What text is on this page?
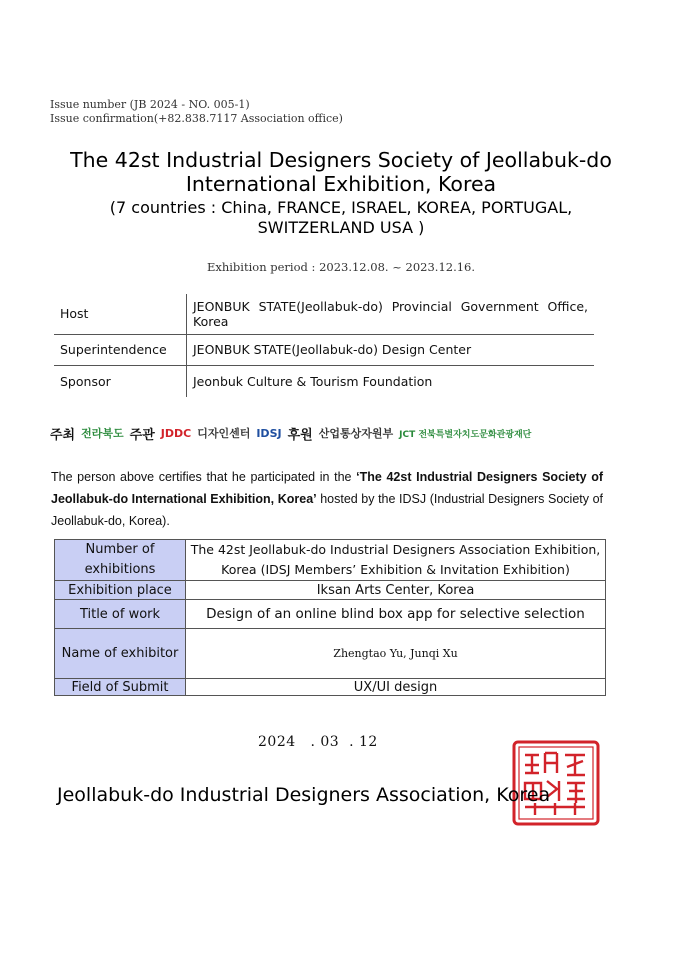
Issue number (JB 2024 - NO. 005-1)
Issue confirmation(+82.838.7117 Association office)
The 42st Industrial Designers Society of Jeollabuk-do
International Exhibition, Korea
(7 countries : China, FRANCE, ISRAEL, KOREA, PORTUGAL,
SWITZERLAND USA )
Exhibition period : 2023.12.08. ~ 2023.12.16.
Host	JEONBUK STATE(Jeollabuk-do) Provincial Government Office, Korea
Superintendence	JEONBUK STATE(Jeollabuk-do) Design Center
Sponsor	Jeonbuk Culture & Tourism Foundation
주최 전라북도 주관 JDDC 디자인센터 IDSJ 후원 산업통상자원부 JCT 전북특별자치도문화관광재단
The person above certifies that he participated in the ‘The 42st Industrial Designers Society of Jeollabuk-do International Exhibition, Korea’ hosted by the IDSJ (Industrial Designers Society of Jeollabuk-do, Korea).
Number of exhibitions	The 42st Jeollabuk-do Industrial Designers Association Exhibition, Korea (IDSJ Members’ Exhibition & Invitation Exhibition)
Exhibition place	Iksan Arts Center, Korea
Title of work	Design of an online blind box app for selective selection
Name of exhibitor	Zhengtao Yu, Junqi Xu
Field of Submit	UX/UI design
2024   . 03  . 12
Jeollabuk-do Industrial Designers Association, Korea
